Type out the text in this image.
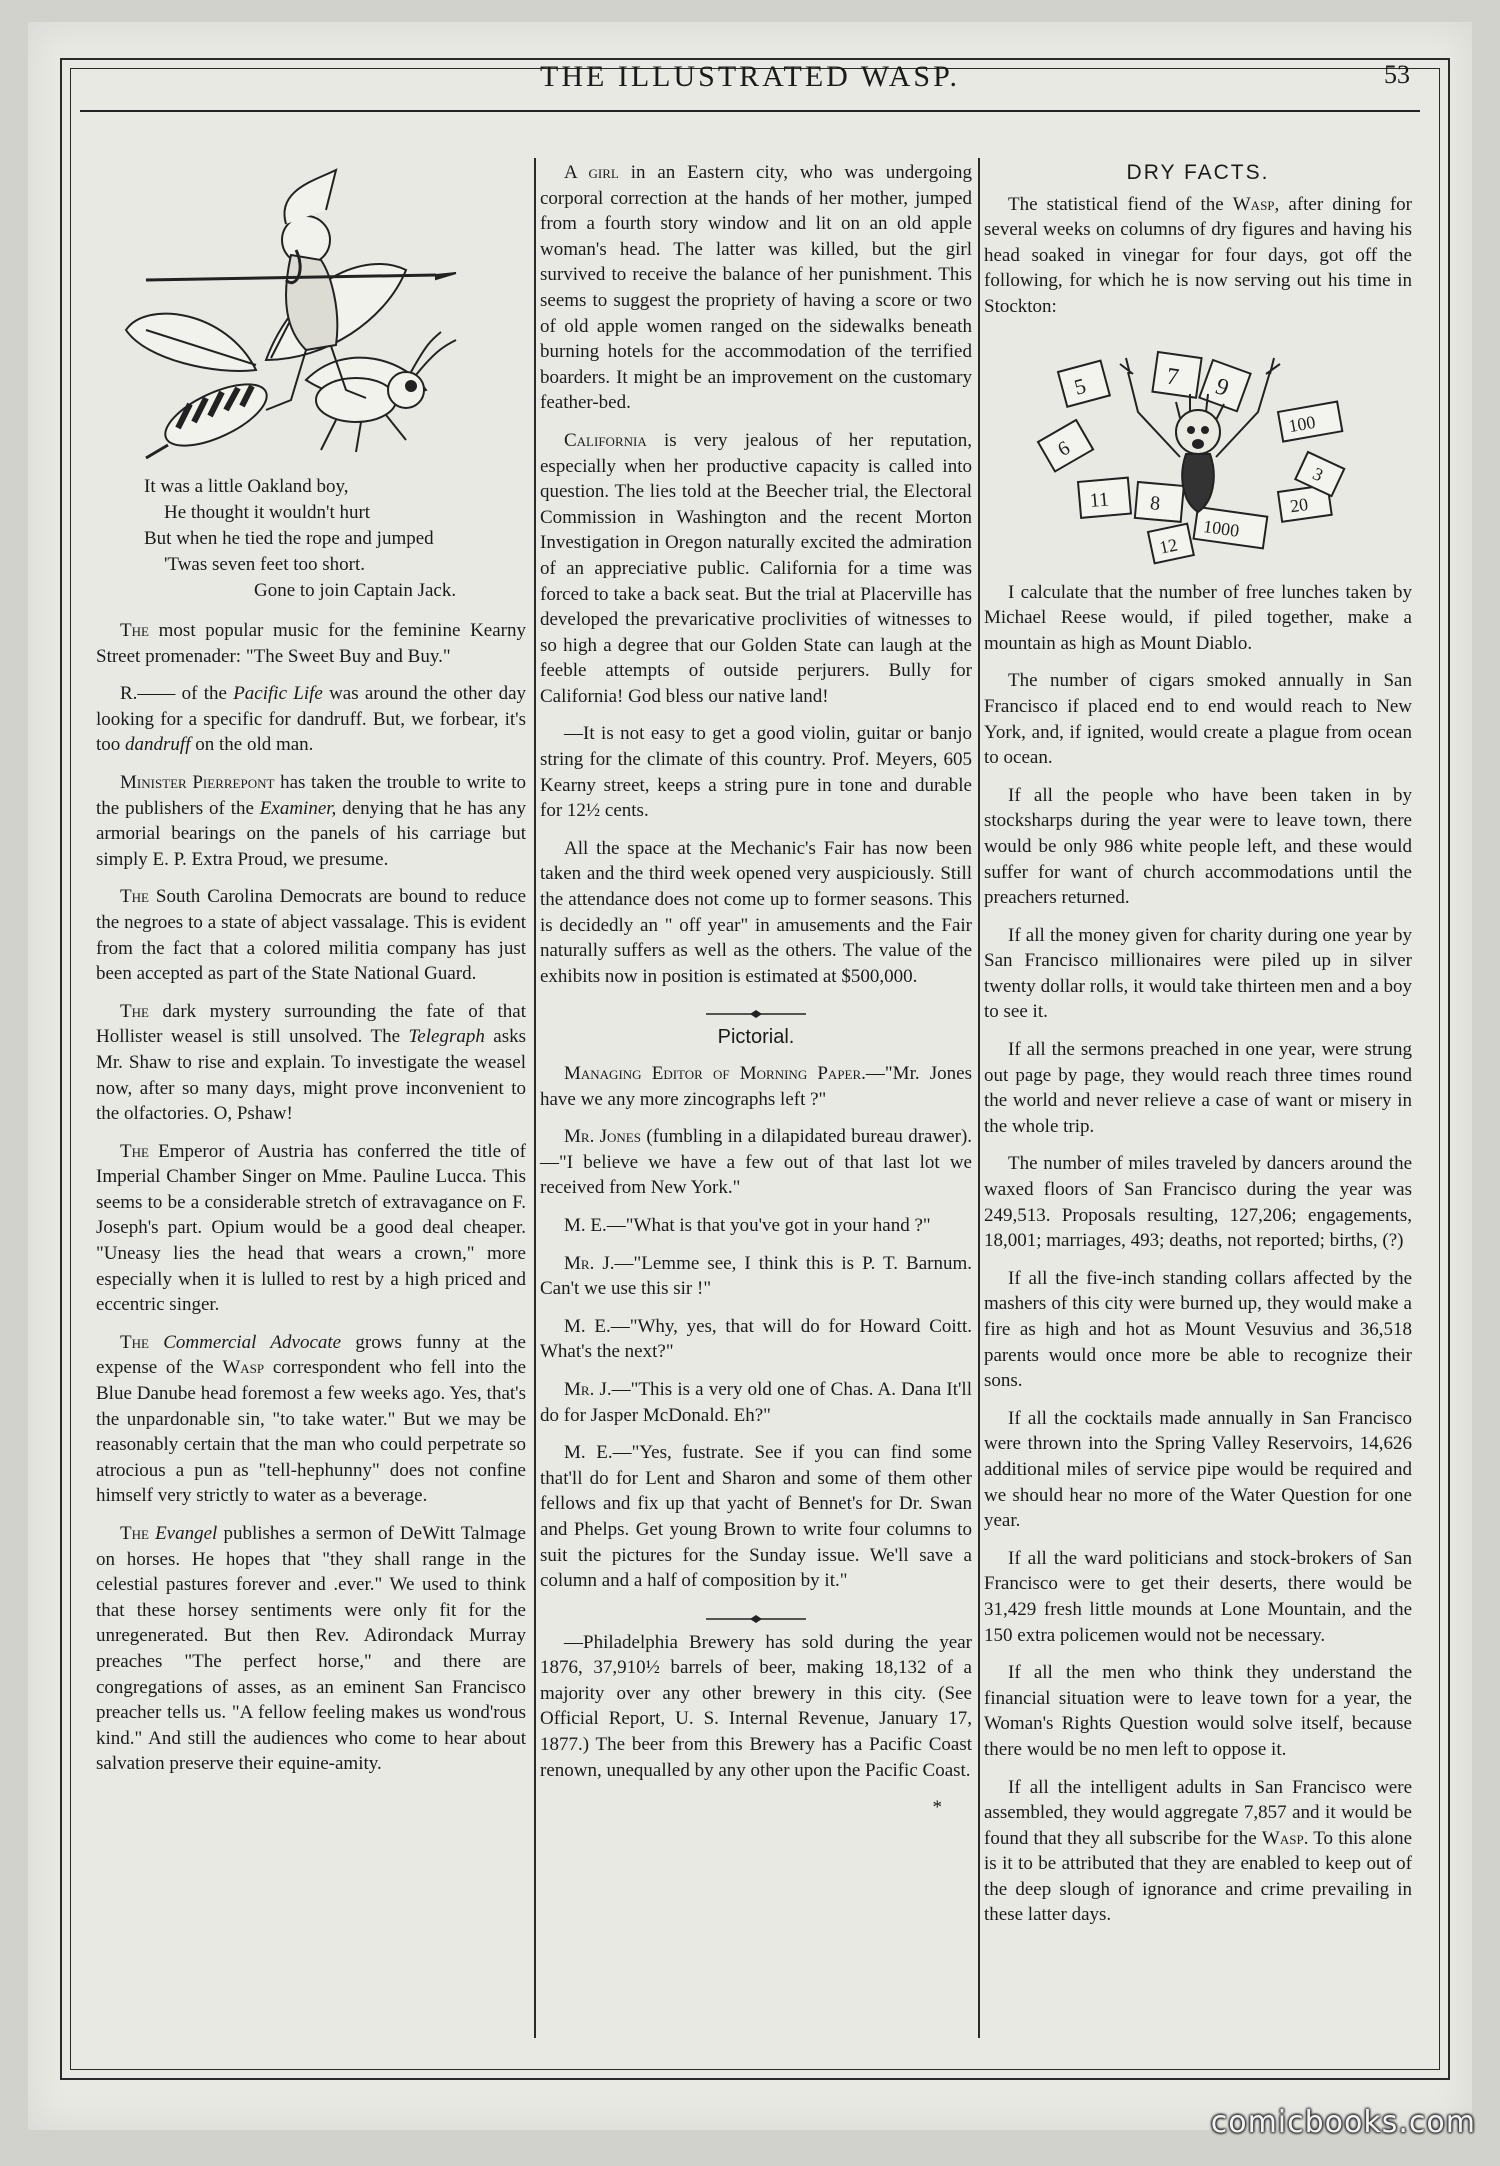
THE ILLUSTRATED WASP.	53
It was a little Oakland boy,
He thought it wouldn't hurt
But when he tied the rope and jumped
'Twas seven feet too short.
Gone to join Captain Jack.

The most popular music for the feminine Kearny Street promenader: "The Sweet Buy and Buy."

R.—— of the Pacific Life was around the other day looking for a specific for dandruff. But, we forbear, it's too dandruff on the old man.

Minister Pierrepont has taken the trouble to write to the publishers of the Examiner, denying that he has any armorial bearings on the panels of his carriage but simply E. P. Extra Proud, we presume.

The South Carolina Democrats are bound to reduce the negroes to a state of abject vassalage. This is evident from the fact that a colored militia company has just been accepted as part of the State National Guard.

The dark mystery surrounding the fate of that Hollister weasel is still unsolved. The Telegraph asks Mr. Shaw to rise and explain. To investigate the weasel now, after so many days, might prove inconvenient to the olfactories. O, Pshaw!

The Emperor of Austria has conferred the title of Imperial Chamber Singer on Mme. Pauline Lucca. This seems to be a considerable stretch of extravagance on F. Joseph's part. Opium would be a good deal cheaper. "Uneasy lies the head that wears a crown," more especially when it is lulled to rest by a high priced and eccentric singer.

The Commercial Advocate grows funny at the expense of the Wasp correspondent who fell into the Blue Danube head foremost a few weeks ago. Yes, that's the unpardonable sin, "to take water." But we may be reasonably certain that the man who could perpetrate so atrocious a pun as "tell-hephunny" does not confine himself very strictly to water as a beverage.

The Evangel publishes a sermon of DeWitt Talmage on horses. He hopes that "they shall range in the celestial pastures forever and .ever." We used to think that these horsey sentiments were only fit for the unregenerated. But then Rev. Adirondack Murray preaches "The perfect horse," and there are congregations of asses, as an eminent San Francisco preacher tells us. "A fellow feeling makes us wond'rous kind." And still the audiences who come to hear about salvation preserve their equine-amity.

A girl in an Eastern city, who was undergoing corporal correction at the hands of her mother, jumped from a fourth story window and lit on an old apple woman's head. The latter was killed, but the girl survived to receive the balance of her punishment. This seems to suggest the propriety of having a score or two of old apple women ranged on the sidewalks beneath burning hotels for the accommodation of the terrified boarders. It might be an improvement on the customary feather-bed.

California is very jealous of her reputation, especially when her productive capacity is called into question. The lies told at the Beecher trial, the Electoral Commission in Washington and the recent Morton Investigation in Oregon naturally excited the admiration of an appreciative public. California for a time was forced to take a back seat. But the trial at Placerville has developed the prevaricative proclivities of witnesses to so high a degree that our Golden State can laugh at the feeble attempts of outside perjurers. Bully for California! God bless our native land!

—It is not easy to get a good violin, guitar or banjo string for the climate of this country. Prof. Meyers, 605 Kearny street, keeps a string pure in tone and durable for 12½ cents.

All the space at the Mechanic's Fair has now been taken and the third week opened very auspiciously. Still the attendance does not come up to former seasons. This is decidedly an " off year" in amusements and the Fair naturally suffers as well as the others. The value of the exhibits now in position is estimated at $500,000.

Pictorial.

Managing Editor of Morning Paper.—"Mr. Jones have we any more zincographs left ?"

Mr. Jones (fumbling in a dilapidated bureau drawer).—"I believe we have a few out of that last lot we received from New York."

M. E.—"What is that you've got in your hand ?"

Mr. J.—"Lemme see, I think this is P. T. Barnum. Can't we use this sir !"

M. E.—"Why, yes, that will do for Howard Coitt. What's the next?"

Mr. J.—"This is a very old one of Chas. A. Dana It'll do for Jasper McDonald. Eh?"

M. E.—"Yes, fustrate. See if you can find some that'll do for Lent and Sharon and some of them other fellows and fix up that yacht of Bennet's for Dr. Swan and Phelps. Get young Brown to write four columns to suit the pictures for the Sunday issue. We'll save a column and a half of composition by it."

—Philadelphia Brewery has sold during the year 1876, 37,910½ barrels of beer, making 18,132 of a majority over any other brewery in this city. (See Official Report, U. S. Internal Revenue, January 17, 1877.) The beer from this Brewery has a Pacific Coast renown, unequalled by any other upon the Pacific Coast.

*
DRY FACTS.

The statistical fiend of the Wasp, after dining for several weeks on columns of dry figures and having his head soaked in vinegar for four days, got off the following, for which he is now serving out his time in Stockton:

5	7 9
100
6
11 8
1000
20
12
3

I calculate that the number of free lunches taken by Michael Reese would, if piled together, make a mountain as high as Mount Diablo.

The number of cigars smoked annually in San Francisco if placed end to end would reach to New York, and, if ignited, would create a plague from ocean to ocean.

If all the people who have been taken in by stocksharps during the year were to leave town, there would be only 986 white people left, and these would suffer for want of church accommodations until the preachers returned.

If all the money given for charity during one year by San Francisco millionaires were piled up in silver twenty dollar rolls, it would take thirteen men and a boy to see it.

If all the sermons preached in one year, were strung out page by page, they would reach three times round the world and never relieve a case of want or misery in the whole trip.

The number of miles traveled by dancers around the waxed floors of San Francisco during the year was 249,513. Proposals resulting, 127,206; engagements, 18,001; marriages, 493; deaths, not reported; births, (?)

If all the five-inch standing collars affected by the mashers of this city were burned up, they would make a fire as high and hot as Mount Vesuvius and 36,518 parents would once more be able to recognize their sons.

If all the cocktails made annually in San Francisco were thrown into the Spring Valley Reservoirs, 14,626 additional miles of service pipe would be required and we should hear no more of the Water Question for one year.

If all the ward politicians and stock-brokers of San Francisco were to get their deserts, there would be 31,429 fresh little mounds at Lone Mountain, and the 150 extra policemen would not be necessary.

If all the men who think they understand the financial situation were to leave town for a year, the Woman's Rights Question would solve itself, because there would be no men left to oppose it.

If all the intelligent adults in San Francisco were assembled, they would aggregate 7,857 and it would be found that they all subscribe for the Wasp. To this alone is it to be attributed that they are enabled to keep out of the deep slough of ignorance and crime prevailing in these latter days.

comicbooks.com
